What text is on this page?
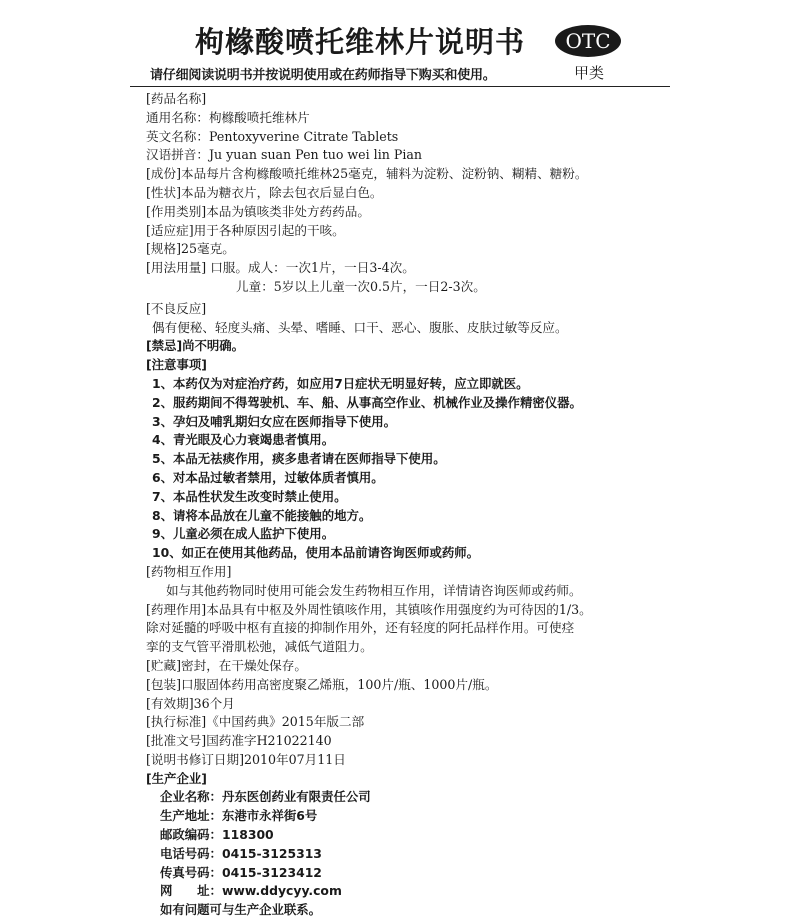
枸橼酸喷托维林片说明书	OTC
甲类
请仔细阅读说明书并按说明使用或在药师指导下购买和使用。
[药品名称]
通用名称：枸橼酸喷托维林片
英文名称：Pentoxyverine Citrate Tablets
汉语拼音：Ju yuan suan Pen tuo wei lin Pian
[成份]本品每片含枸橼酸喷托维林25毫克，辅料为淀粉、淀粉钠、糊精、糖粉。
[性状]本品为糖衣片，除去包衣后显白色。
[作用类别]本品为镇咳类非处方药药品。
[适应症]用于各种原因引起的干咳。
[规格]25毫克。
[用法用量] 口服。成人：一次1片，一日3-4次。
儿童：5岁以上儿童一次0.5片，一日2-3次。
[不良反应]
偶有便秘、轻度头痛、头晕、嗜睡、口干、恶心、腹胀、皮肤过敏等反应。
[禁忌]尚不明确。
[注意事项]
1、本药仅为对症治疗药，如应用7日症状无明显好转，应立即就医。
2、服药期间不得驾驶机、车、船、从事高空作业、机械作业及操作精密仪器。
3、孕妇及哺乳期妇女应在医师指导下使用。
4、青光眼及心力衰竭患者慎用。
5、本品无祛痰作用，痰多患者请在医师指导下使用。
6、对本品过敏者禁用，过敏体质者慎用。
7、本品性状发生改变时禁止使用。
8、请将本品放在儿童不能接触的地方。
9、儿童必须在成人监护下使用。
10、如正在使用其他药品，使用本品前请咨询医师或药师。
[药物相互作用]
如与其他药物同时使用可能会发生药物相互作用，详情请咨询医师或药师。
[药理作用]本品具有中枢及外周性镇咳作用，其镇咳作用强度约为可待因的1/3。
除对延髓的呼吸中枢有直接的抑制作用外，还有轻度的阿托品样作用。可使痉
挛的支气管平滑肌松弛，减低气道阻力。
[贮藏]密封，在干燥处保存。
[包装]口服固体药用高密度聚乙烯瓶，100片/瓶、1000片/瓶。
[有效期]36个月
[执行标准]《中国药典》2015年版二部
[批准文号]国药准字H21022140
[说明书修订日期]2010年07月11日
[生产企业]
企业名称：丹东医创药业有限责任公司
生产地址：东港市永祥街6号
邮政编码：118300
电话号码：0415-3125313
传真号码：0415-3123412
网　　址：www.ddycyy.com
如有问题可与生产企业联系。
